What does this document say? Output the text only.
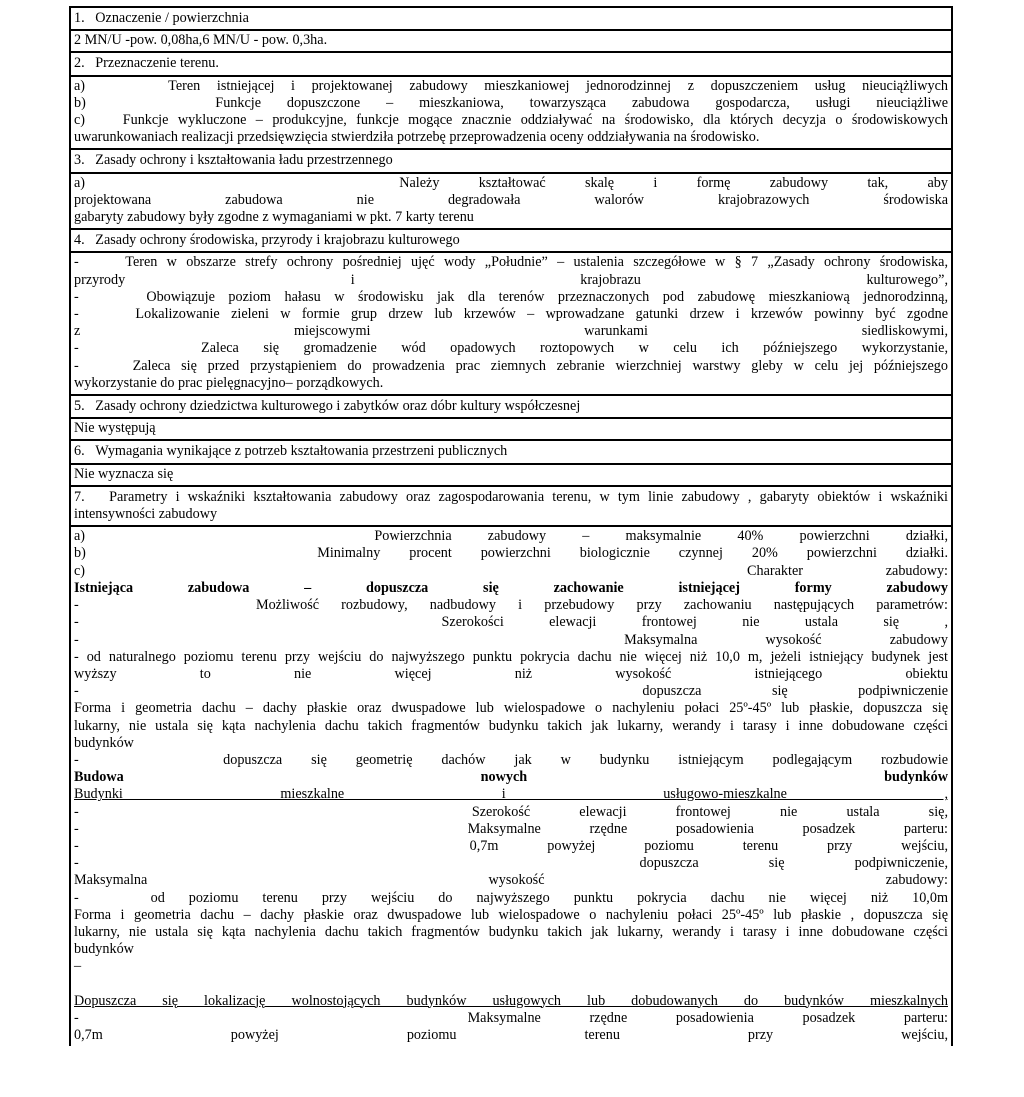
1.   Oznaczenie / powierzchnia
2 MN/U -pow. 0,08ha,6 MN/U - pow. 0,3ha.
2.   Przeznaczenie terenu.
a)     Teren istniejącej i projektowanej zabudowy mieszkaniowej jednorodzinnej z dopuszczeniem usług nieuciążliwych
b)     Funkcje dopuszczone – mieszkaniowa, towarzysząca zabudowa gospodarcza, usługi nieuciążliwe
c)    Funkcje wykluczone – produkcyjne, funkcje mogące znacznie oddziaływać na środowisko, dla których decyzja o środowiskowych
uwarunkowaniach realizacji przedsięwzięcia stwierdziła potrzebę przeprowadzenia oceny oddziaływania na środowisko.
3.   Zasady ochrony i kształtowania ładu przestrzennego
a)        Należy kształtować skalę i formę zabudowy tak, aby
projektowana zabudowa nie degradowała walorów krajobrazowych środowiska
gabaryty zabudowy były zgodne z wymaganiami w pkt. 7 karty terenu
4.   Zasady ochrony środowiska, przyrody i krajobrazu kulturowego
-     Teren w obszarze strefy ochrony pośredniej ujęć wody „Południe” – ustalenia szczegółowe w § 7 „Zasady ochrony środowiska,
przyrody i krajobrazu kulturowego”,
-     Obowiązuje poziom hałasu w środowisku jak dla terenów przeznaczonych pod zabudowę mieszkaniową jednorodzinną,
-     Lokalizowanie zieleni w formie grup drzew lub krzewów – wprowadzane gatunki drzew i krzewów powinny być zgodne
z miejscowymi warunkami siedliskowymi,
-     Zaleca się gromadzenie wód opadowych roztopowych w celu ich późniejszego wykorzystanie,
-     Zaleca się przed przystąpieniem do prowadzenia prac ziemnych zebranie wierzchniej warstwy gleby w celu jej późniejszego
wykorzystanie do prac pielęgnacyjno– porządkowych.
5.   Zasady ochrony dziedzictwa kulturowego i zabytków oraz dóbr kultury współczesnej
Nie występują
6.   Wymagania wynikające z potrzeb kształtowania przestrzeni publicznych
Nie wyznacza się
7.   Parametry i wskaźniki kształtowania zabudowy oraz zagospodarowania terenu, w tym linie zabudowy , gabaryty obiektów i wskaźniki
intensywności zabudowy
a)        Powierzchnia zabudowy – maksymalnie 40% powierzchni działki,
b)        Minimalny procent powierzchni biologicznie czynnej 20% powierzchni działki.
c)        Charakter zabudowy:
Istniejąca zabudowa – dopuszcza się zachowanie istniejącej formy zabudowy
-        Możliwość rozbudowy, nadbudowy i przebudowy przy zachowaniu następujących parametrów:
-        Szerokości elewacji frontowej nie ustala się ,
-        Maksymalna wysokość zabudowy
- od naturalnego poziomu terenu przy wejściu do najwyższego punktu pokrycia dachu nie więcej niż 10,0 m, jeżeli istniejący budynek jest
wyższy to nie więcej niż wysokość istniejącego obiektu
-        dopuszcza się podpiwniczenie
Forma i geometria dachu – dachy płaskie oraz dwuspadowe lub wielospadowe o nachyleniu połaci 25º-45º lub płaskie, dopuszcza się
lukarny, nie ustala się kąta nachylenia dachu takich fragmentów budynku takich jak lukarny, werandy i tarasy i inne dobudowane części
budynków
-     dopuszcza się geometrię dachów jak w budynku istniejącym podlegającym rozbudowie
Budowa nowych budynków
Budynki mieszkalne i usługowo-mieszkalne ,
-        Szerokość elewacji frontowej nie ustala się,
-        Maksymalne rzędne posadowienia posadzek parteru:
-        0,7m powyżej poziomu terenu przy wejściu,
-        dopuszcza się podpiwniczenie,
Maksymalna wysokość zabudowy:
-   od poziomu terenu przy wejściu do najwyższego punktu pokrycia dachu nie więcej niż 10,0m
Forma i geometria dachu – dachy płaskie oraz dwuspadowe lub wielospadowe o nachyleniu połaci 25º-45º lub płaskie , dopuszcza się
lukarny, nie ustala się kąta nachylenia dachu takich fragmentów budynku takich jak lukarny, werandy i tarasy i inne dobudowane części
budynków
–
Dopuszcza się lokalizację wolnostojących budynków usługowych lub dobudowanych do budynków mieszkalnych
-        Maksymalne rzędne posadowienia posadzek parteru:
0,7m powyżej poziomu terenu przy wejściu,
